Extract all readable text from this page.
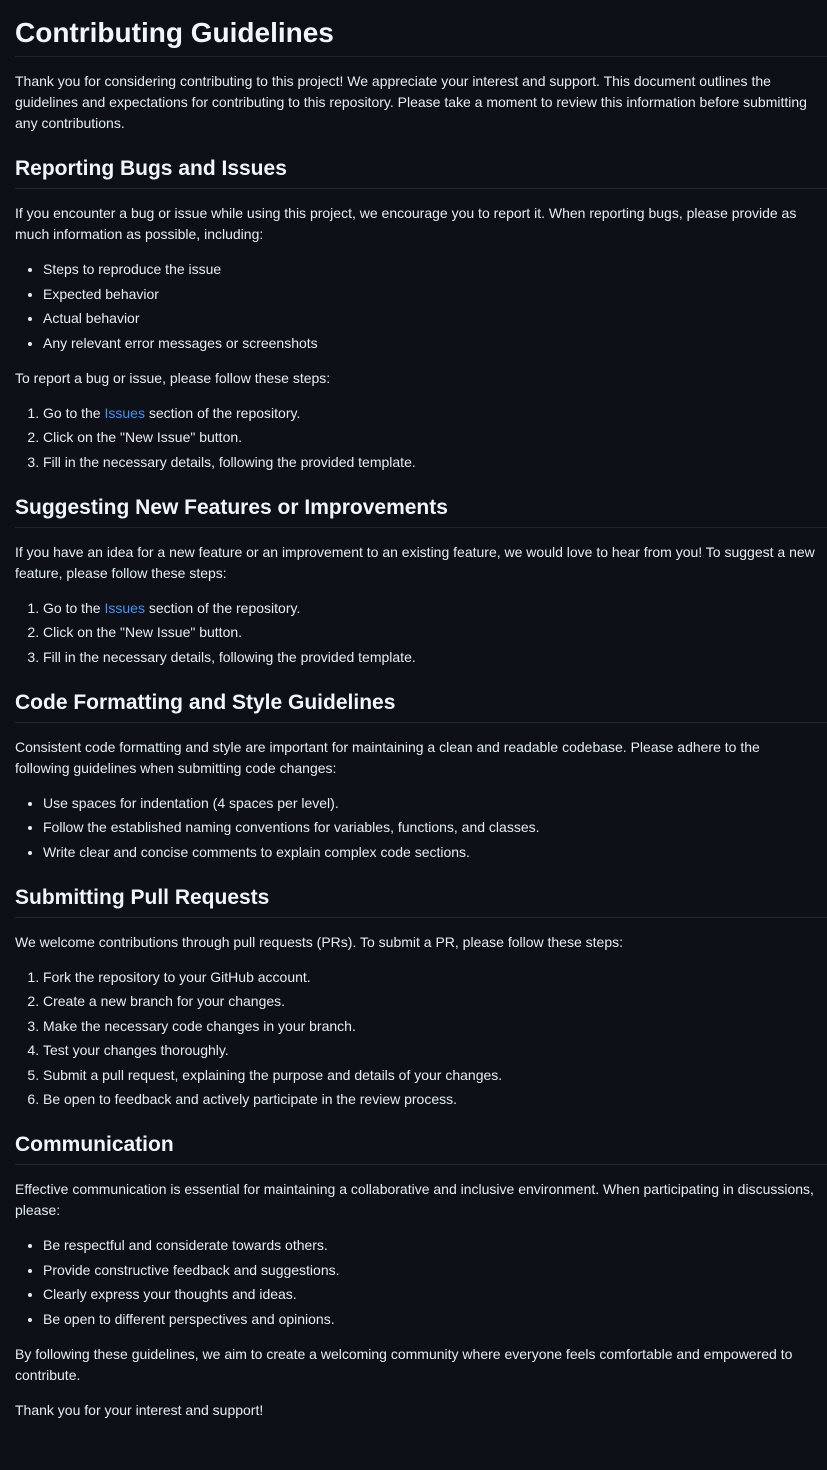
Contributing Guidelines

Thank you for considering contributing to this project! We appreciate your interest and support. This document outlines the guidelines and expectations for contributing to this repository. Please take a moment to review this information before submitting any contributions.

Reporting Bugs and Issues

If you encounter a bug or issue while using this project, we encourage you to report it. When reporting bugs, please provide as much information as possible, including:

• Steps to reproduce the issue
• Expected behavior
• Actual behavior
• Any relevant error messages or screenshots

To report a bug or issue, please follow these steps:

1. Go to the Issues section of the repository.
2. Click on the "New Issue" button.
3. Fill in the necessary details, following the provided template.
Suggesting New Features or Improvements

If you have an idea for a new feature or an improvement to an existing feature, we would love to hear from you! To suggest a new feature, please follow these steps:

1. Go to the Issues section of the repository.
2. Click on the "New Issue" button.
3. Fill in the necessary details, following the provided template.
Code Formatting and Style Guidelines

Consistent code formatting and style are important for maintaining a clean and readable codebase. Please adhere to the following guidelines when submitting code changes:

• Use spaces for indentation (4 spaces per level).
• Follow the established naming conventions for variables, functions, and classes.
• Write clear and concise comments to explain complex code sections.
Submitting Pull Requests

We welcome contributions through pull requests (PRs). To submit a PR, please follow these steps:

1. Fork the repository to your GitHub account.
2. Create a new branch for your changes.
3. Make the necessary code changes in your branch.
4. Test your changes thoroughly.
5. Submit a pull request, explaining the purpose and details of your changes.
6. Be open to feedback and actively participate in the review process.
Communication

Effective communication is essential for maintaining a collaborative and inclusive environment. When participating in discussions, please:

• Be respectful and considerate towards others.
• Provide constructive feedback and suggestions.
• Clearly express your thoughts and ideas.
• Be open to different perspectives and opinions.

By following these guidelines, we aim to create a welcoming community where everyone feels comfortable and empowered to contribute.

Thank you for your interest and support!
